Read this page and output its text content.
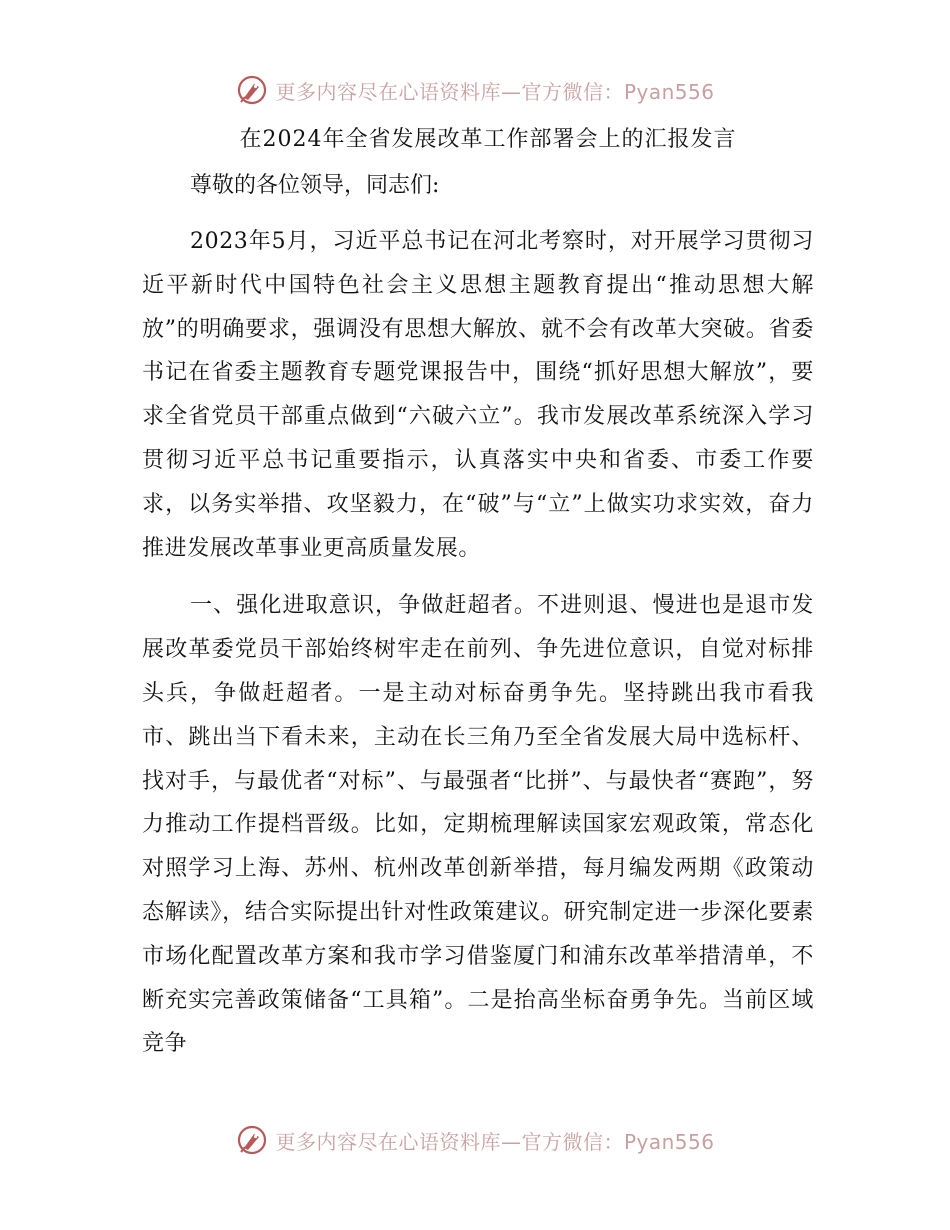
更多内容尽在心语资料库—官方微信：Pyan556
在2024年全省发展改革工作部署会上的汇报发言
尊敬的各位领导，同志们:

2023年5月，习近平总书记在河北考察时，对开展学习贯彻习近平新时代中国特色社会主义思想主题教育提出“推动思想大解放”的明确要求，强调没有思想大解放、就不会有改革大突破。省委书记在省委主题教育专题党课报告中，围绕“抓好思想大解放”，要求全省党员干部重点做到“六破六立”。我市发展改革系统深入学习贯彻习近平总书记重要指示，认真落实中央和省委、市委工作要求，以务实举措、攻坚毅力，在“破”与“立”上做实功求实效，奋力推进发展改革事业更高质量发展。

一、强化进取意识，争做赶超者。不进则退、慢进也是退市发展改革委党员干部始终树牢走在前列、争先进位意识，自觉对标排头兵，争做赶超者。一是主动对标奋勇争先。坚持跳出我市看我市、跳出当下看未来，主动在长三角乃至全省发展大局中选标杆、找对手，与最优者“对标”、与最强者“比拼”、与最快者“赛跑”，努力推动工作提档晋级。比如，定期梳理解读国家宏观政策，常态化对照学习上海、苏州、杭州改革创新举措，每月编发两期《政策动态解读》，结合实际提出针对性政策建议。研究制定进一步深化要素市场化配置改革方案和我市学习借鉴厦门和浦东改革举措清单，不断充实完善政策储备“工具箱”。二是抬高坐标奋勇争先。当前区域竞争

更多内容尽在心语资料库—官方微信：Pyan556
